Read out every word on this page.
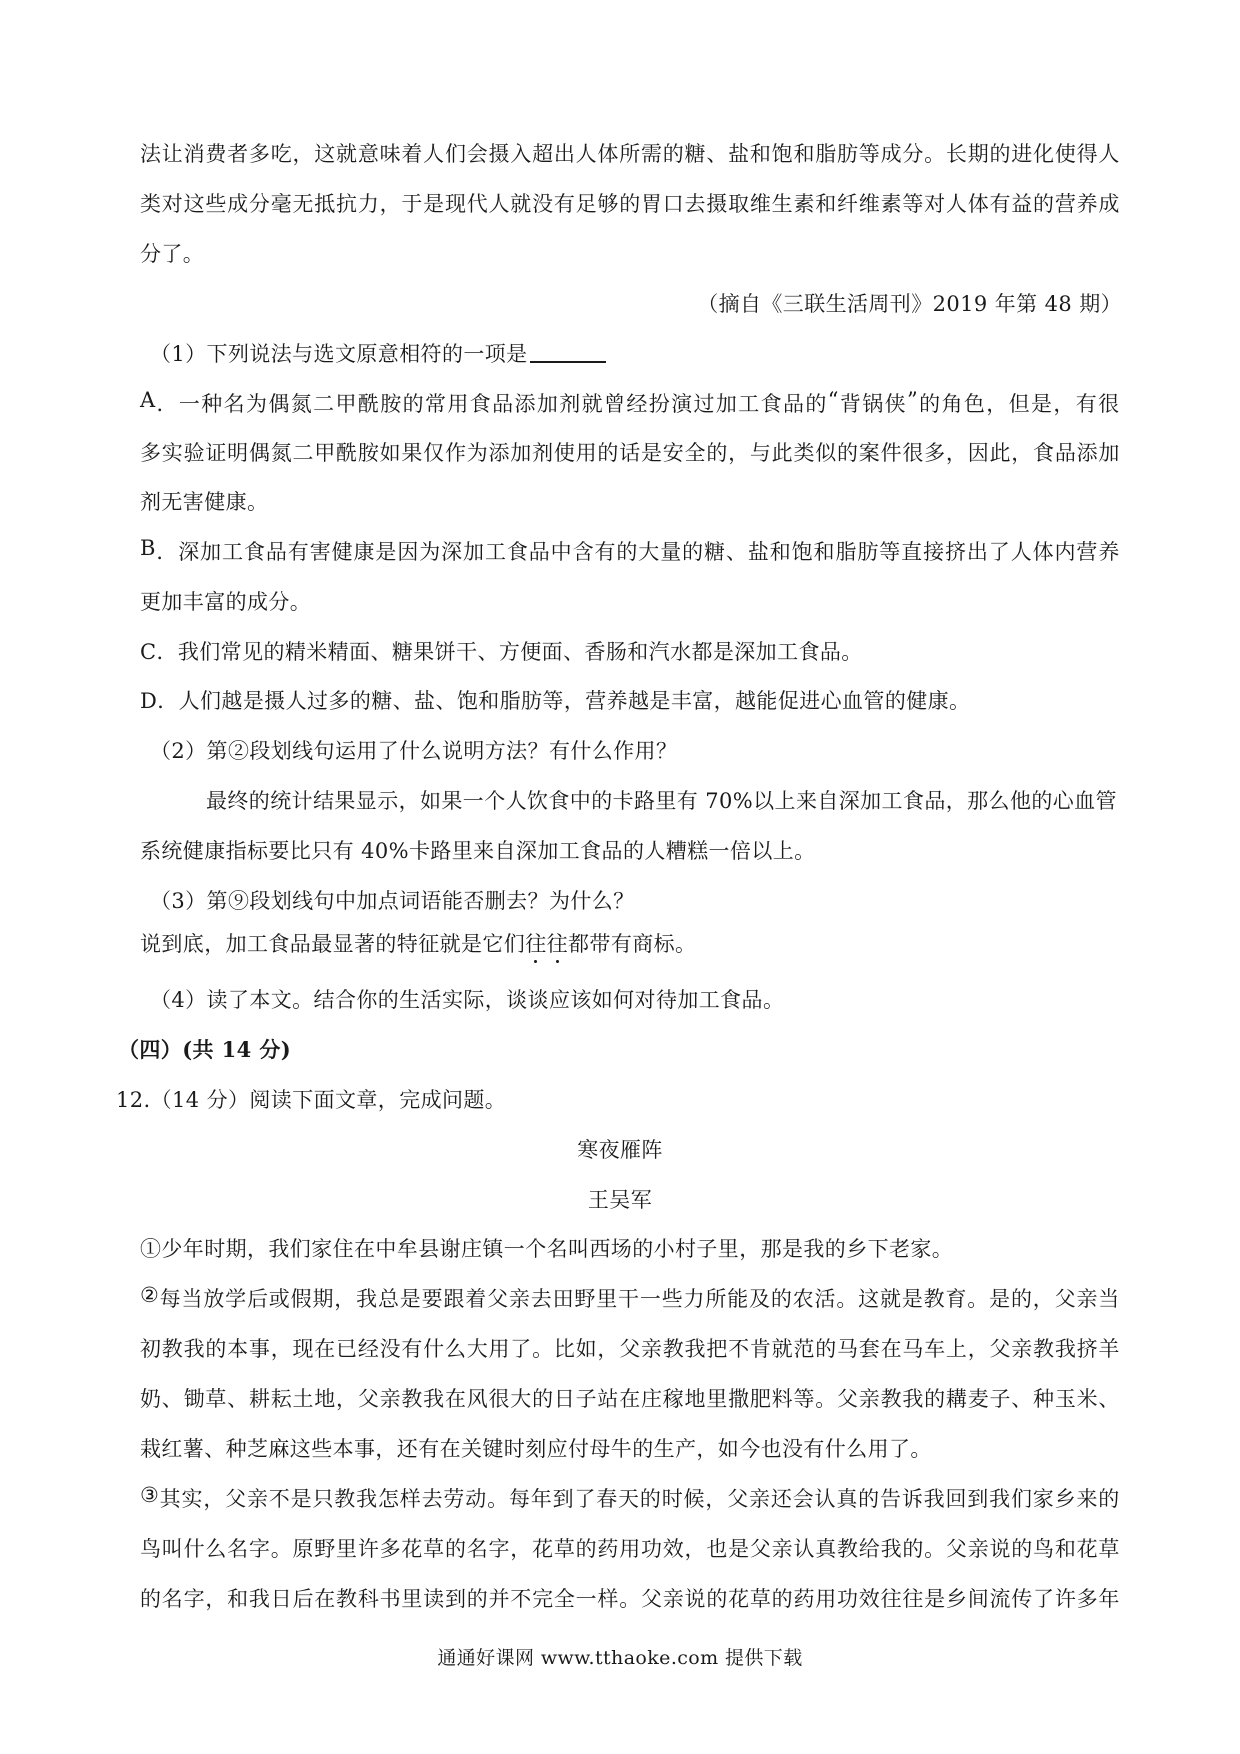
法 让 消 费 者 多 吃 ， 这 就 意 味 着 人 们 会 摄 入 超 出 人 体 所 需 的 糖 、 盐 和 饱 和 脂 肪 等 成 分 。 长 期 的 进 化 使 得 人
类 对 这 些 成 分 毫 无 抵 抗 力 ， 于 是 现 代 人 就 没 有 足 够 的 胃 口 去 摄 取 维 生 素 和 纤 维 素 等 对 人 体 有 益 的 营 养 成
分了。
（摘自《三联生活周刊》2019 年第 48 期）
（1）下列说法与选文原意相符的一项是
A ． 一 种 名 为 偶 氮 二 甲 酰 胺 的 常 用 食 品 添 加 剂 就 曾 经 扮 演 过 加 工 食 品 的 “ 背 锅 侠 ” 的 角 色 ， 但 是 ， 有 很
多 实 验 证 明 偶 氮 二 甲 酰 胺 如 果 仅 作 为 添 加 剂 使 用 的 话 是 安 全 的 ， 与 此 类 似 的 案 件 很 多 ， 因 此 ， 食 品 添 加
剂无害健康。
B ． 深 加 工 食 品 有 害 健 康 是 因 为 深 加 工 食 品 中 含 有 的 大 量 的 糖 、 盐 和 饱 和 脂 肪 等 直 接 挤 出 了 人 体 内 营 养
更加丰富的成分。
C．我们常见的精米精面、糖果饼干、方便面、香肠和汽水都是深加工食品。
D．人们越是摄人过多的糖、盐、饱和脂肪等，营养越是丰富，越能促进心血管的健康。
（2）第②段划线句运用了什么说明方法？有什么作用？
最终的统计结果显示，如果一个人饮食中的卡路里有 70%以上来自深加工食品，那么他的心血管
系统健康指标要比只有 40%卡路里来自深加工食品的人糟糕一倍以上。
（3）第⑨段划线句中加点词语能否删去？为什么？
说到底，加工食品最显著的特征就是它们往往都带有商标。
（4）读了本文。结合你的生活实际，谈谈应该如何对待加工食品。
（四）(共 14 分)
12.（14 分）阅读下面文章，完成问题。
寒夜雁阵
王吴军
①少年时期，我们家住在中牟县谢庄镇一个名叫西场的小村子里，那是我的乡下老家。
② 每 当 放 学 后 或 假 期 ， 我 总 是 要 跟 着 父 亲 去 田 野 里 干 一 些 力 所 能 及 的 农 活 。 这 就 是 教 育 。 是 的 ， 父 亲 当
初 教 我 的 本 事 ， 现 在 已 经 没 有 什 么 大 用 了 。 比 如 ， 父 亲 教 我 把 不 肯 就 范 的 马 套 在 马 车 上 ， 父 亲 教 我 挤 羊
奶 、 锄 草 、 耕 耘 土 地 ， 父 亲 教 我 在 风 很 大 的 日 子 站 在 庄 稼 地 里 撒 肥 料 等 。 父 亲 教 我 的 耩 麦 子 、 种 玉 米 、
栽红薯、种芝麻这些本事，还有在关键时刻应付母牛的生产，如今也没有什么用了。
③ 其 实 ， 父 亲 不 是 只 教 我 怎 样 去 劳 动 。 每 年 到 了 春 天 的 时 候 ， 父 亲 还 会 认 真 的 告 诉 我 回 到 我 们 家 乡 来 的
鸟 叫 什 么 名 字 。 原 野 里 许 多 花 草 的 名 字 ， 花 草 的 药 用 功 效 ， 也 是 父 亲 认 真 教 给 我 的 。 父 亲 说 的 鸟 和 花 草
的 名 字 ， 和 我 日 后 在 教 科 书 里 读 到 的 并 不 完 全 一 样 。 父 亲 说 的 花 草 的 药 用 功 效 往 往 是 乡 间 流 传 了 许 多 年
通通好课网 www.tthaoke.com 提供下载
